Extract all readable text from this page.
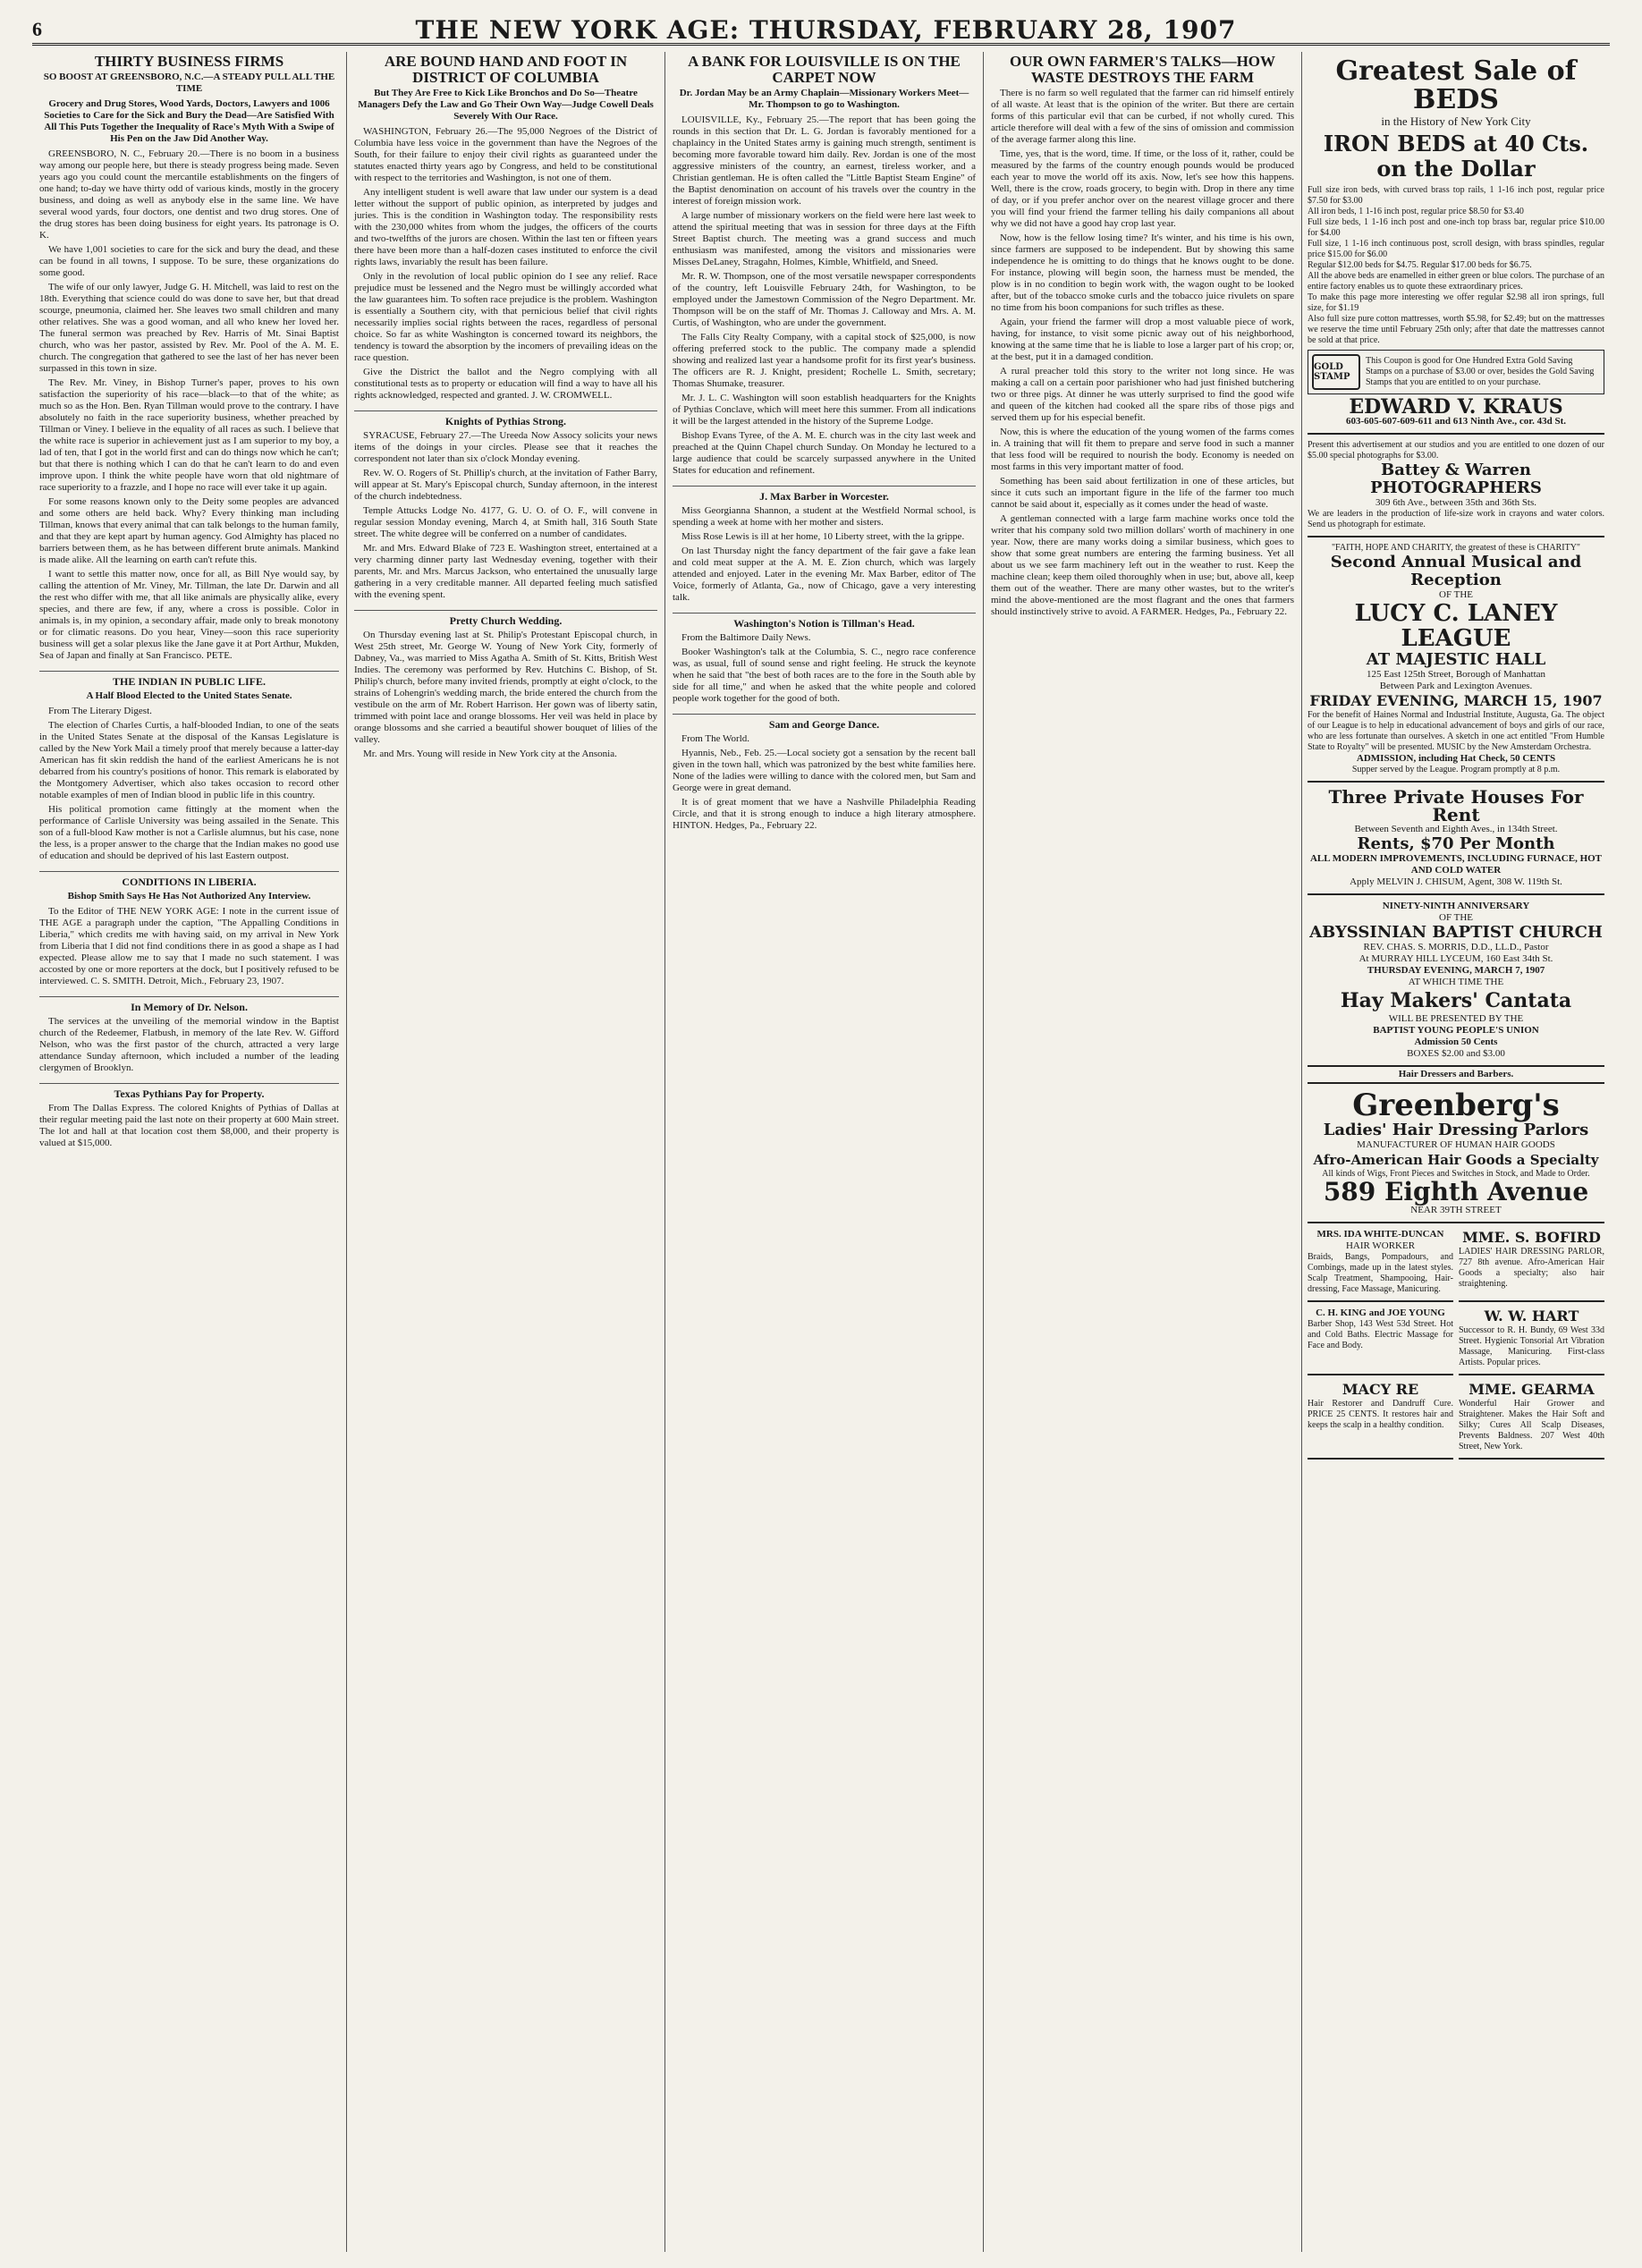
6	THE NEW YORK AGE: THURSDAY, FEBRUARY 28, 1907
THIRTY BUSINESS FIRMS
SO BOOST AT GREENSBORO, N.C.—A STEADY PULL ALL THE TIME
Grocery and Drug Stores, Wood Yards, Doctors, Lawyers and 1006 Societies to Care for the Sick and Bury the Dead—Are Satisfied With All This Puts Together the Inequality of Race's Myth With a Swipe of His Pen on the Jaw Did Another Way.

GREENSBORO, N. C., February 20.—There is no boom in a business way among our people here, but there is steady progress being made. Seven years ago you could count the mercantile establishments on the fingers of one hand; to-day we have thirty odd of various kinds, mostly in the grocery business, and doing as well as anybody else in the same line. We have several wood yards, four doctors, one dentist and two drug stores. One of the drug stores has been doing business for eight years. Its patronage is O. K.

We have 1,001 societies to care for the sick and bury the dead, and these can be found in all towns, I suppose. To be sure, these organizations do some good.

The wife of our only lawyer, Judge G. H. Mitchell, was laid to rest on the 18th. Everything that science could do was done to save her, but that dread scourge, pneumonia, claimed her. She leaves two small children and many other relatives. She was a good woman, and all who knew her loved her. The funeral sermon was preached by Rev. Harris of Mt. Sinai Baptist church, who was her pastor, assisted by Rev. Mr. Pool of the A. M. E. church. The congregation that gathered to see the last of her has never been surpassed in this town in size.

The Rev. Mr. Viney, in Bishop Turner's paper, proves to his own satisfaction the superiority of his race—black—to that of the white; as much so as the Hon. Ben. Ryan Tillman would prove to the contrary. I have absolutely no faith in the race superiority business, whether preached by Tillman or Viney. I believe in the equality of all races as such. I believe that the white race is superior in achievement just as I am superior to my boy, a lad of ten, that I got in the world first and can do things now which he can't; but that there is nothing which I can do that he can't learn to do and even improve upon. I think the white people have worn that old nightmare of race superiority to a frazzle, and I hope no race will ever take it up again.

For some reasons known only to the Deity some peoples are advanced and some others are held back. Why? Every thinking man including Tillman, knows that every animal that can talk belongs to the human family, and that they are kept apart by human agency. God Almighty has placed no barriers between them, as he has between different brute animals. Mankind is made alike. All the learning on earth can't refute this.

I want to settle this matter now, once for all, as Bill Nye would say, by calling the attention of Mr. Viney, Mr. Tillman, the late Dr. Darwin and all the rest who differ with me, that all like animals are physically alike, every species, and there are few, if any, where a cross is possible. Color in animals is, in my opinion, a secondary affair, made only to break monotony or for climatic reasons. Do you hear, Viney—soon this race superiority business will get a solar plexus like the Jane gave it at Port Arthur, Mukden, Sea of Japan and finally at San Francisco. PETE.

THE INDIAN IN PUBLIC LIFE.
A Half Blood Elected to the United States Senate.

From The Literary Digest.

The election of Charles Curtis, a half-blooded Indian, to one of the seats in the United States Senate at the disposal of the Kansas Legislature is called by the New York Mail a timely proof that merely because a latter-day American has fit skin reddish the hand of the earliest Americans he is not debarred from his country's positions of honor. This remark is elaborated by the Montgomery Advertiser, which also takes occasion to record other notable examples of men of Indian blood in public life in this country.

His political promotion came fittingly at the moment when the performance of Carlisle University was being assailed in the Senate. This son of a full-blood Kaw mother is not a Carlisle alumnus, but his case, none the less, is a proper answer to the charge that the Indian makes no good use of education and should be deprived of his last Eastern outpost.

CONDITIONS IN LIBERIA.
Bishop Smith Says He Has Not Authorized Any Interview.

To the Editor of THE NEW YORK AGE: I note in the current issue of THE AGE a paragraph under the caption, "The Appalling Conditions in Liberia," which credits me with having said, on my arrival in New York from Liberia that I did not find conditions there in as good a shape as I had expected. Please allow me to say that I made no such statement. I was accosted by one or more reporters at the dock, but I positively refused to be interviewed. C. S. SMITH. Detroit, Mich., February 23, 1907.

In Memory of Dr. Nelson.

The services at the unveiling of the memorial window in the Baptist church of the Redeemer, Flatbush, in memory of the late Rev. W. Gifford Nelson, who was the first pastor of the church, attracted a very large attendance Sunday afternoon, which included a number of the leading clergymen of Brooklyn.

Texas Pythians Pay for Property.

From The Dallas Express. The colored Knights of Pythias of Dallas at their regular meeting paid the last note on their property at 600 Main street. The lot and hall at that location cost them $8,000, and their property is valued at $15,000.

ARE BOUND HAND AND FOOT IN DISTRICT OF COLUMBIA
But They Are Free to Kick Like Bronchos and Do So—Theatre Managers Defy the Law and Go Their Own Way—Judge Cowell Deals Severely With Our Race.

WASHINGTON, February 26.—The 95,000 Negroes of the District of Columbia have less voice in the government than have the Negroes of the South, for their failure to enjoy their civil rights as guaranteed under the statutes enacted thirty years ago by Congress, and held to be constitutional with respect to the territories and Washington, is not one of them.

Any intelligent student is well aware that law under our system is a dead letter without the support of public opinion, as interpreted by judges and juries. This is the condition in Washington today. The responsibility rests with the 230,000 whites from whom the judges, the officers of the courts and two-twelfths of the jurors are chosen. Within the last ten or fifteen years there have been more than a half-dozen cases instituted to enforce the civil rights laws, invariably the result has been failure.

Only in the revolution of local public opinion do I see any relief. Race prejudice must be lessened and the Negro must be willingly accorded what the law guarantees him. To soften race prejudice is the problem. Washington is essentially a Southern city, with that pernicious belief that civil rights necessarily implies social rights between the races, regardless of personal choice. So far as white Washington is concerned toward its neighbors, the tendency is toward the absorption by the incomers of prevailing ideas on the race question.

Give the District the ballot and the Negro complying with all constitutional tests as to property or education will find a way to have all his rights acknowledged, respected and granted. J. W. CROMWELL.

Knights of Pythias Strong.

SYRACUSE, February 27.—The Ureeda Now Assocy solicits your news items of the doings in your circles. Please see that it reaches the correspondent not later than six o'clock Monday evening.

Rev. W. O. Rogers of St. Phillip's church, at the invitation of Father Barry, will appear at St. Mary's Episcopal church, Sunday afternoon, in the interest of the church indebtedness.

Temple Attucks Lodge No. 4177, G. U. O. of O. F., will convene in regular session Monday evening, March 4, at Smith hall, 316 South State street. The white degree will be conferred on a number of candidates.

Mr. and Mrs. Edward Blake of 723 E. Washington street, entertained at a very charming dinner party last Wednesday evening, together with their parents, Mr. and Mrs. Marcus Jackson, who entertained the unusually large gathering in a very creditable manner. All departed feeling much satisfied with the evening spent.

Pretty Church Wedding.

On Thursday evening last at St. Philip's Protestant Episcopal church, in West 25th street, Mr. George W. Young of New York City, formerly of Dabney, Va., was married to Miss Agatha A. Smith of St. Kitts, British West Indies. The ceremony was performed by Rev. Hutchins C. Bishop, of St. Philip's church, before many invited friends, promptly at eight o'clock, to the strains of Lohengrin's wedding march, the bride entered the church from the vestibule on the arm of Mr. Robert Harrison. Her gown was of liberty satin, trimmed with point lace and orange blossoms. Her veil was held in place by orange blossoms and she carried a beautiful shower bouquet of lilies of the valley.

Mr. and Mrs. Young will reside in New York city at the Ansonia.

A BANK FOR LOUISVILLE IS ON THE CARPET NOW
Dr. Jordan May be an Army Chaplain—Missionary Workers Meet—Mr. Thompson to go to Washington.

LOUISVILLE, Ky., February 25.—The report that has been going the rounds in this section that Dr. L. G. Jordan is favorably mentioned for a chaplaincy in the United States army is gaining much strength, sentiment is becoming more favorable toward him daily. Rev. Jordan is one of the most aggressive ministers of the country, an earnest, tireless worker, and a Christian gentleman. He is often called the "Little Baptist Steam Engine" of the Baptist denomination on account of his travels over the country in the interest of foreign mission work.

A large number of missionary workers on the field were here last week to attend the spiritual meeting that was in session for three days at the Fifth Street Baptist church. The meeting was a grand success and much enthusiasm was manifested, among the visitors and missionaries were Misses DeLaney, Stragahn, Holmes, Kimble, Whitfield, and Sneed.

Mr. R. W. Thompson, one of the most versatile newspaper correspondents of the country, left Louisville February 24th, for Washington, to be employed under the Jamestown Commission of the Negro Department. Mr. Thompson will be on the staff of Mr. Thomas J. Calloway and Mrs. A. M. Curtis, of Washington, who are under the government.

The Falls City Realty Company, with a capital stock of $25,000, is now offering preferred stock to the public. The company made a splendid showing and realized last year a handsome profit for its first year's business. The officers are R. J. Knight, president; Rochelle L. Smith, secretary; Thomas Shumake, treasurer.

Mr. J. L. C. Washington will soon establish headquarters for the Knights of Pythias Conclave, which will meet here this summer. From all indications it will be the largest attended in the history of the Supreme Lodge.

Bishop Evans Tyree, of the A. M. E. church was in the city last week and preached at the Quinn Chapel church Sunday. On Monday he lectured to a large audience that could be scarcely surpassed anywhere in the United States for education and refinement.

J. Max Barber in Worcester.

Miss Georgianna Shannon, a student at the Westfield Normal school, is spending a week at home with her mother and sisters.

Miss Rose Lewis is ill at her home, 10 Liberty street, with the la grippe.

On last Thursday night the fancy department of the fair gave a fake lean and cold meat supper at the A. M. E. Zion church, which was largely attended and enjoyed. Later in the evening Mr. Max Barber, editor of The Voice, formerly of Atlanta, Ga., now of Chicago, gave a very interesting talk.

Washington's Notion is Tillman's Head.

From the Baltimore Daily News.

Booker Washington's talk at the Columbia, S. C., negro race conference was, as usual, full of sound sense and right feeling. He struck the keynote when he said that "the best of both races are to the fore in the South able by side for all time," and when he asked that the white people and colored people work together for the good of both.

Sam and George Dance.

From The World.

Hyannis, Neb., Feb. 25.—Local society got a sensation by the recent ball given in the town hall, which was patronized by the best white families here. None of the ladies were willing to dance with the colored men, but Sam and George were in great demand.

It is of great moment that we have a Nashville Philadelphia Reading Circle, and that it is strong enough to induce a high literary atmosphere. HINTON. Hedges, Pa., February 22.

OUR OWN FARMER'S TALKS—HOW WASTE DESTROYS THE FARM

There is no farm so well regulated that the farmer can rid himself entirely of all waste. At least that is the opinion of the writer. But there are certain forms of this particular evil that can be curbed, if not wholly cured. This article therefore will deal with a few of the sins of omission and commission of the average farmer along this line.

Time, yes, that is the word, time. If time, or the loss of it, rather, could be measured by the farms of the country enough pounds would be produced each year to move the world off its axis. Now, let's see how this happens. Well, there is the crow, roads grocery, to begin with. Drop in there any time of day, or if you prefer anchor over on the nearest village grocer and there you will find your friend the farmer telling his daily companions all about why we did not have a good hay crop last year.

Now, how is the fellow losing time? It's winter, and his time is his own, since farmers are supposed to be independent. But by showing this same independence he is omitting to do things that he knows ought to be done. For instance, plowing will begin soon, the harness must be mended, the plow is in no condition to begin work with, the wagon ought to be looked after, but of the tobacco smoke curls and the tobacco juice rivulets on spare no time from his boon companions for such trifles as these.

Again, your friend the farmer will drop a most valuable piece of work, having, for instance, to visit some picnic away out of his neighborhood, knowing at the same time that he is liable to lose a larger part of his crop; or, at the best, put it in a damaged condition.

A rural preacher told this story to the writer not long since. He was making a call on a certain poor parishioner who had just finished butchering two or three pigs. At dinner he was utterly surprised to find the good wife and queen of the kitchen had cooked all the spare ribs of those pigs and served them up for his especial benefit.

Now, this is where the education of the young women of the farms comes in. A training that will fit them to prepare and serve food in such a manner that less food will be required to nourish the body. Economy is needed on most farms in this very important matter of food.

Something has been said about fertilization in one of these articles, but since it cuts such an important figure in the life of the farmer too much cannot be said about it, especially as it comes under the head of waste.

A gentleman connected with a large farm machine works once told the writer that his company sold two million dollars' worth of machinery in one year. Now, there are many works doing a similar business, which goes to show that some great numbers are entering the farming business. Yet all about us we see farm machinery left out in the weather to rust. Keep the machine clean; keep them oiled thoroughly when in use; but, above all, keep them out of the weather. There are many other wastes, but to the writer's mind the above-mentioned are the most flagrant and the ones that farmers should instinctively strive to avoid. A FARMER. Hedges, Pa., February 22.

Greatest Sale of BEDS
in the History of New York City
IRON BEDS at 40 Cts. on the Dollar
Full size iron beds, with curved brass top rails, 1 1-16 inch post, regular price $7.50 for $3.00
All iron beds, 1 1-16 inch post, regular price $8.50 for $3.40
Full size beds, 1 1-16 inch post and one-inch top brass bar, regular price $10.00 for $4.00
Full size, 1 1-16 inch continuous post, scroll design, with brass spindles, regular price $15.00 for $6.00
Regular $12.00 beds for $4.75. Regular $17.00 beds for $6.75.
All the above beds are enamelled in either green or blue colors. The purchase of an entire factory enables us to quote these extraordinary prices.
To make this page more interesting we offer regular $2.98 all iron springs, full size, for $1.19
Also full size pure cotton mattresses, worth $5.98, for $2.49; but on the mattresses we reserve the time until February 25th only; after that date the mattresses cannot be sold at that price.
GOLD STAMP
This Coupon is good for One Hundred Extra Gold Saving Stamps on a purchase of $3.00 or over, besides the Gold Saving Stamps that you are entitled to on your purchase.
EDWARD V. KRAUS
603-605-607-609-611 and 613 Ninth Ave., cor. 43d St.
Present this advertisement at our studios and you are entitled to one dozen of our $5.00 special photographs for $3.00.
Battey & Warren
PHOTOGRAPHERS
309 6th Ave., between 35th and 36th Sts.
We are leaders in the production of life-size work in crayons and water colors. Send us photograph for estimate.
"FAITH, HOPE AND CHARITY, the greatest of these is CHARITY"
Second Annual Musical and Reception
OF THE
LUCY C. LANEY LEAGUE
AT MAJESTIC HALL
125 East 125th Street, Borough of Manhattan
Between Park and Lexington Avenues.
FRIDAY EVENING, MARCH 15, 1907
For the benefit of Haines Normal and Industrial Institute, Augusta, Ga. The object of our League is to help in educational advancement of boys and girls of our race, who are less fortunate than ourselves. A sketch in one act entitled "From Humble State to Royalty" will be presented. MUSIC by the New Amsterdam Orchestra.
ADMISSION, including Hat Check, 50 CENTS
Supper served by the League. Program promptly at 8 p.m.
Three Private Houses For Rent
Between Seventh and Eighth Aves., in 134th Street.
Rents, $70 Per Month
ALL MODERN IMPROVEMENTS, INCLUDING FURNACE, HOT AND COLD WATER
Apply MELVIN J. CHISUM, Agent, 308 W. 119th St.
NINETY-NINTH ANNIVERSARY
OF THE
ABYSSINIAN BAPTIST CHURCH
REV. CHAS. S. MORRIS, D.D., LL.D., Pastor
At MURRAY HILL LYCEUM, 160 East 34th St.
THURSDAY EVENING, MARCH 7, 1907
AT WHICH TIME THE
Hay Makers' Cantata
WILL BE PRESENTED BY THE
BAPTIST YOUNG PEOPLE'S UNION
Admission 50 Cents
BOXES $2.00 and $3.00
Hair Dressers and Barbers.
Greenberg's
Ladies' Hair Dressing Parlors
MANUFACTURER OF HUMAN HAIR GOODS
Afro-American Hair Goods a Specialty
All kinds of Wigs, Front Pieces and Switches in Stock, and Made to Order.
589 Eighth Avenue
NEAR 39TH STREET
MRS. IDA WHITE-DUNCAN
HAIR WORKER
Braids, Bangs, Pompadours, and Combings, made up in the latest styles. Scalp Treatment, Shampooing, Hair-dressing, Face Massage, Manicuring.
MME. S. BOFIRD
LADIES' HAIR DRESSING PARLOR, 727 8th avenue. Afro-American Hair Goods a specialty; also hair straightening.
C. H. KING and JOE YOUNG
Barber Shop, 143 West 53d Street. Hot and Cold Baths. Electric Massage for Face and Body.
W. W. HART
Successor to R. H. Bundy, 69 West 33d Street. Hygienic Tonsorial Art Vibration Massage, Manicuring. First-class Artists. Popular prices.
MACY RE
Hair Restorer and Dandruff Cure. PRICE 25 CENTS. It restores hair and keeps the scalp in a healthy condition.
MME. GEARMA
Wonderful Hair Grower and Straightener. Makes the Hair Soft and Silky; Cures All Scalp Diseases, Prevents Baldness. 207 West 40th Street, New York.
